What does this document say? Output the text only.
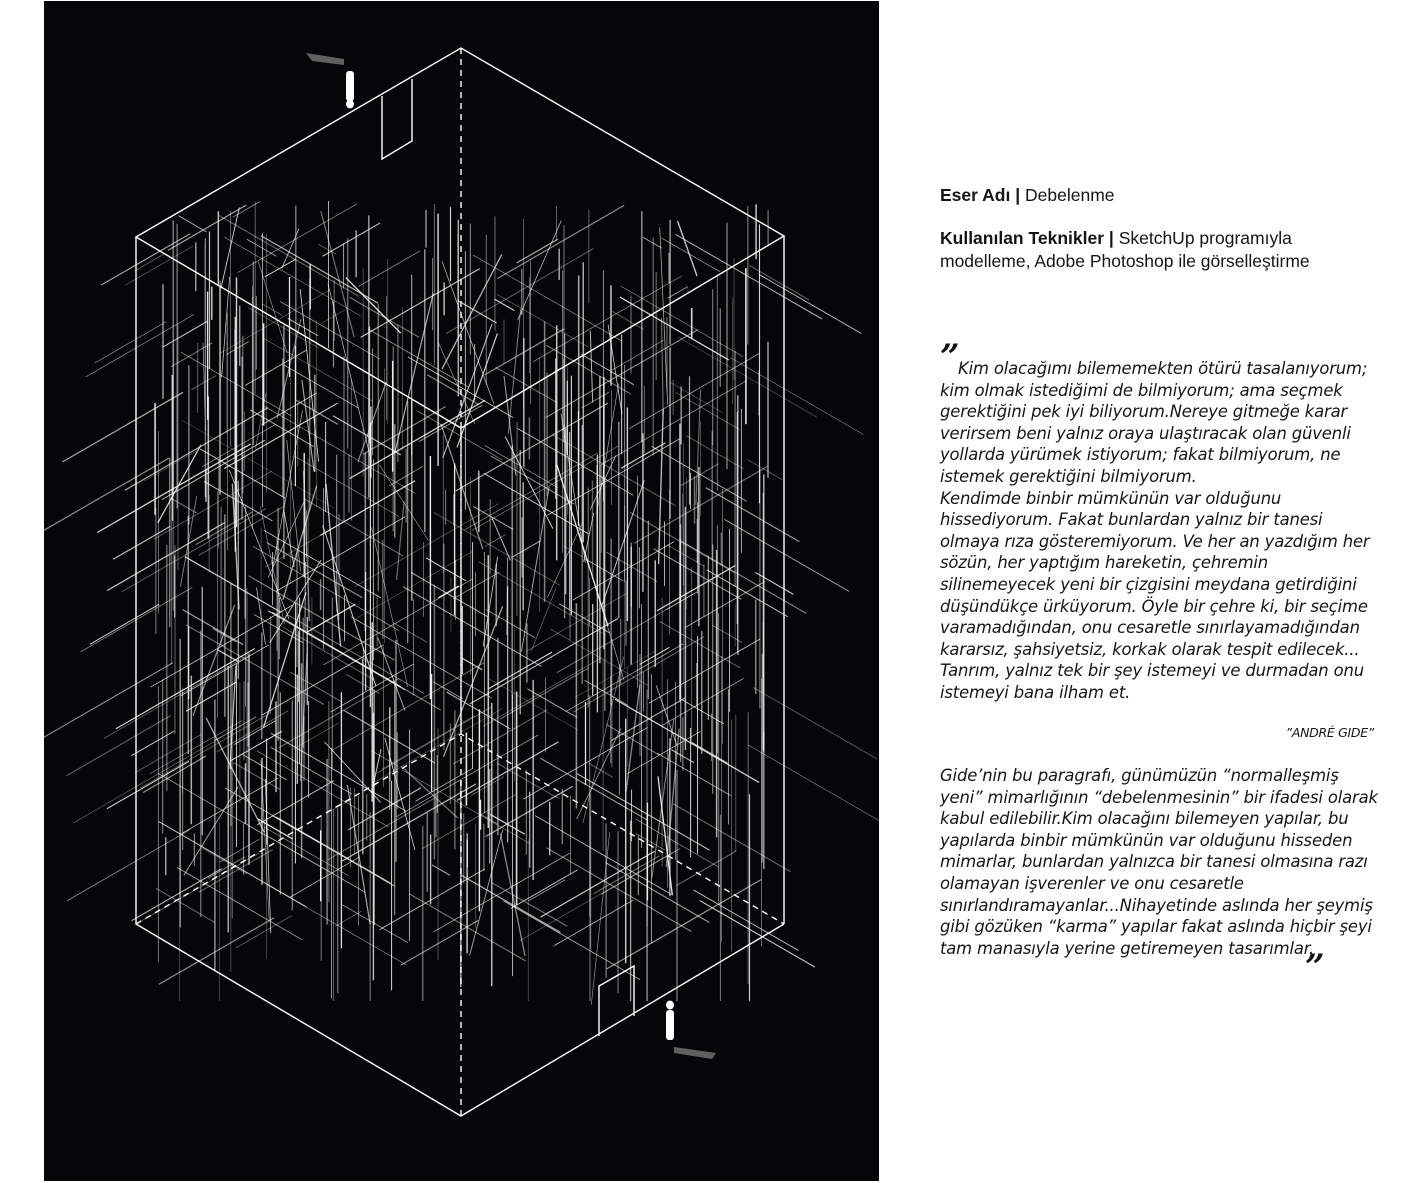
Eser Adı | Debelenme
Kullanılan Teknikler | SketchUp programıyla modelleme, Adobe Photoshop ile görselleştirme
”

Kim olacağımı bilememekten ötürü tasalanıyorum; kim olmak istediğimi de bilmiyorum; ama seçmek gerektiğini pek iyi biliyorum.Nereye gitmeğe karar verirsem beni yalnız oraya ulaştıracak olan güvenli yollarda yürümek istiyorum; fakat bilmiyorum, ne istemek gerektiğini bilmiyorum.

Kendimde binbir mümkünün var olduğunu hissediyorum. Fakat bunlardan yalnız bir tanesi olmaya rıza gösteremiyorum. Ve her an yazdığım her sözün, her yaptığım hareketin, çehremin silinemeyecek yeni bir çizgisini meydana getirdiğini düşündükçe ürküyorum. Öyle bir çehre ki, bir seçime varamadığından, onu cesaretle sınırlayamadığından kararsız, şahsiyetsiz, korkak olarak tespit edilecek... Tanrım, yalnız tek bir şey istemeyi ve durmadan onu istemeyi bana ilham et.

”ANDRÉ GIDE”

Gide’nin bu paragrafı, günümüzün “normalleşmiş yeni” mimarlığının “debelenmesinin” bir ifadesi olarak kabul edilebilir.Kim olacağını bilemeyen yapılar, bu yapılarda binbir mümkünün var olduğunu hisseden mimarlar, bunlardan yalnızca bir tanesi olmasına razı olamayan işverenler ve onu cesaretle sınırlandıramayanlar...Nihayetinde aslında her şeymiş gibi gözüken “karma” yapılar fakat aslında hiçbir şeyi tam manasıyla yerine getiremeyen tasarımlar.

”
